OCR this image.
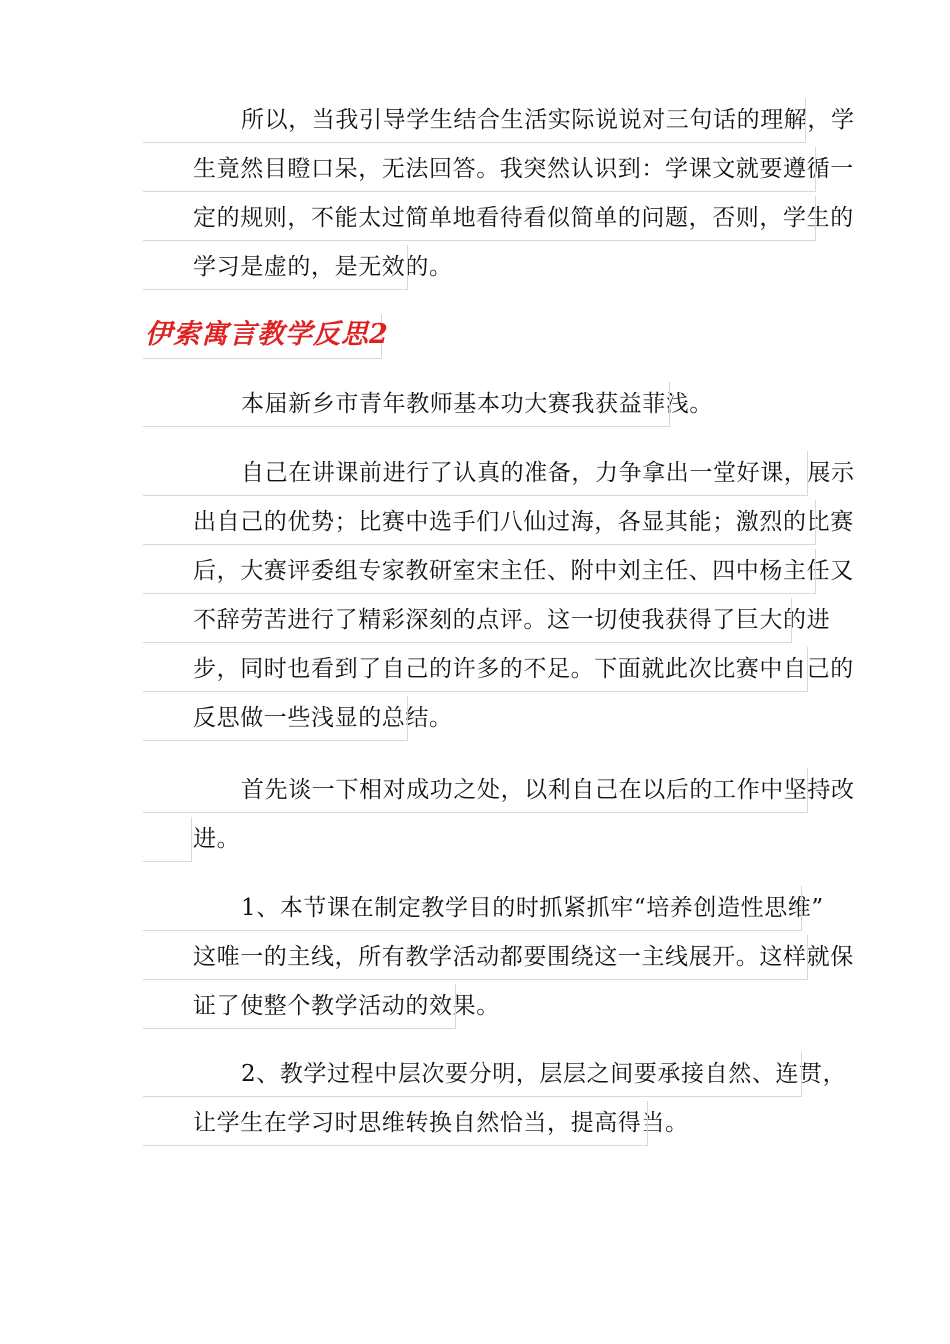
所以，当我引导学生结合生活实际说说对三句话的理解，学
生竟然目瞪口呆，无法回答。我突然认识到：学课文就要遵循一
定的规则，不能太过简单地看待看似简单的问题，否则，学生的
学习是虚的，是无效的。
伊索寓言教学反思2
本届新乡市青年教师基本功大赛我获益菲浅。
自己在讲课前进行了认真的准备，力争拿出一堂好课，展示
出自己的优势；比赛中选手们八仙过海，各显其能；激烈的比赛
后，大赛评委组专家教研室宋主任、附中刘主任、四中杨主任又
不辞劳苦进行了精彩深刻的点评。这一切使我获得了巨大的进
步，同时也看到了自己的许多的不足。下面就此次比赛中自己的
反思做一些浅显的总结。
首先谈一下相对成功之处，以利自己在以后的工作中坚持改
进。
1、本节课在制定教学目的时抓紧抓牢“培养创造性思维”
这唯一的主线，所有教学活动都要围绕这一主线展开。这样就保
证了使整个教学活动的效果。
2、教学过程中层次要分明，层层之间要承接自然、连贯，
让学生在学习时思维转换自然恰当，提高得当。
